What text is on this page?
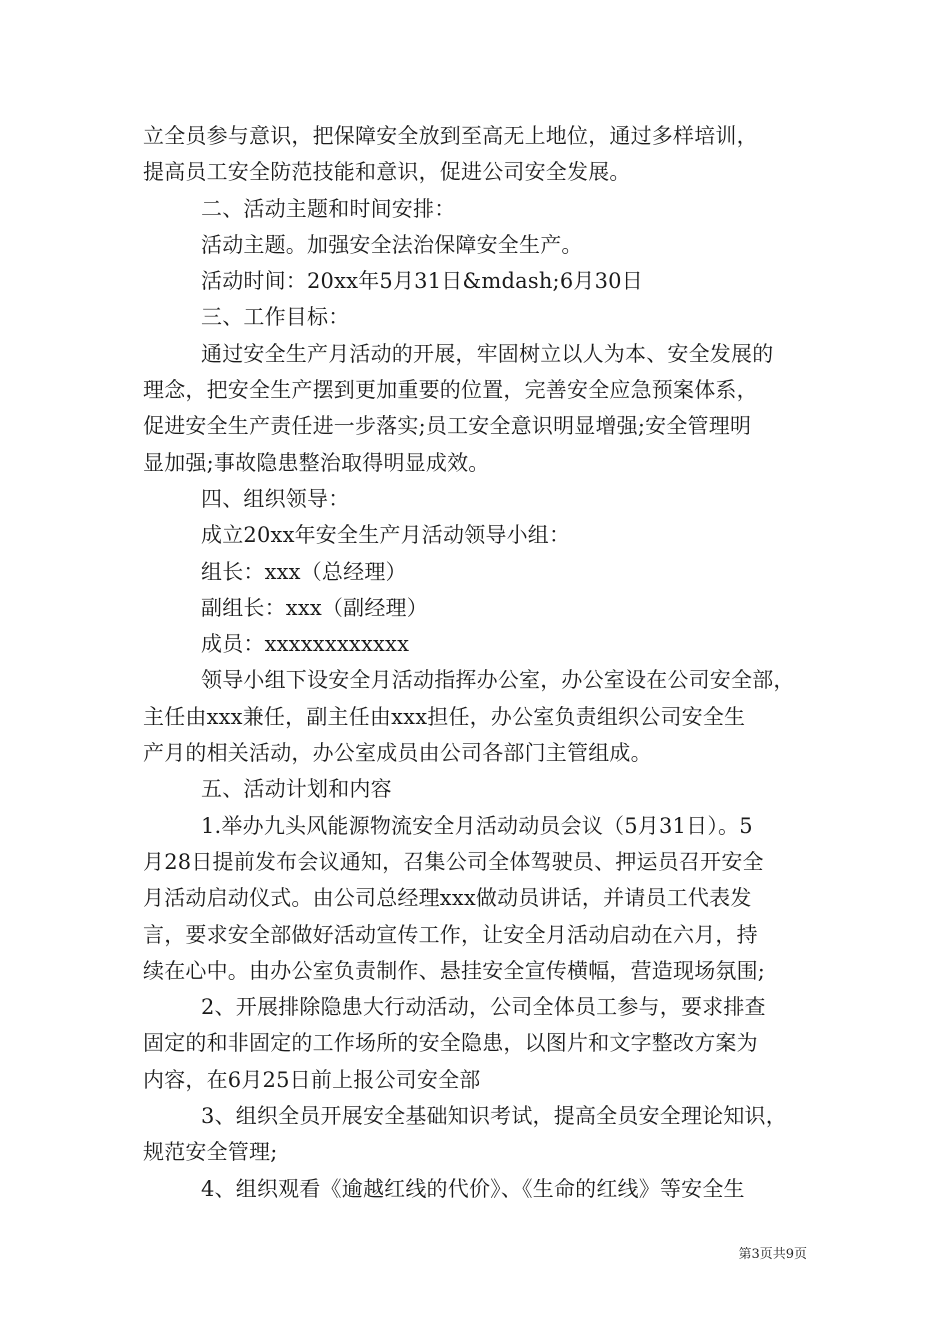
立全员参与意识，把保障安全放到至高无上地位，通过多样培训，
提高员工安全防范技能和意识，促进公司安全发展。
二、活动主题和时间安排：
活动主题。加强安全法治保障安全生产。
活动时间：20xx年5月31日&mdash;6月30日
三、工作目标：
通过安全生产月活动的开展，牢固树立以人为本、安全发展的
理念，把安全生产摆到更加重要的位置，完善安全应急预案体系，
促进安全生产责任进一步落实;员工安全意识明显增强;安全管理明
显加强;事故隐患整治取得明显成效。
四、组织领导：
成立20xx年安全生产月活动领导小组：
组长：xxx（总经理）
副组长：xxx（副经理）
成员：xxxxxxxxxxxx
领导小组下设安全月活动指挥办公室，办公室设在公司安全部，
主任由xxx兼任，副主任由xxx担任，办公室负责组织公司安全生
产月的相关活动，办公室成员由公司各部门主管组成。
五、活动计划和内容
1.举办九头风能源物流安全月活动动员会议（5月31日）。5
月28日提前发布会议通知，召集公司全体驾驶员、押运员召开安全
月活动启动仪式。由公司总经理xxx做动员讲话，并请员工代表发
言，要求安全部做好活动宣传工作，让安全月活动启动在六月，持
续在心中。由办公室负责制作、悬挂安全宣传横幅，营造现场氛围;
2、开展排除隐患大行动活动，公司全体员工参与，要求排查
固定的和非固定的工作场所的安全隐患，以图片和文字整改方案为
内容，在6月25日前上报公司安全部
3、组织全员开展安全基础知识考试，提高全员安全理论知识，
规范安全管理;
4、组织观看《逾越红线的代价》、《生命的红线》等安全生
第3页共9页
